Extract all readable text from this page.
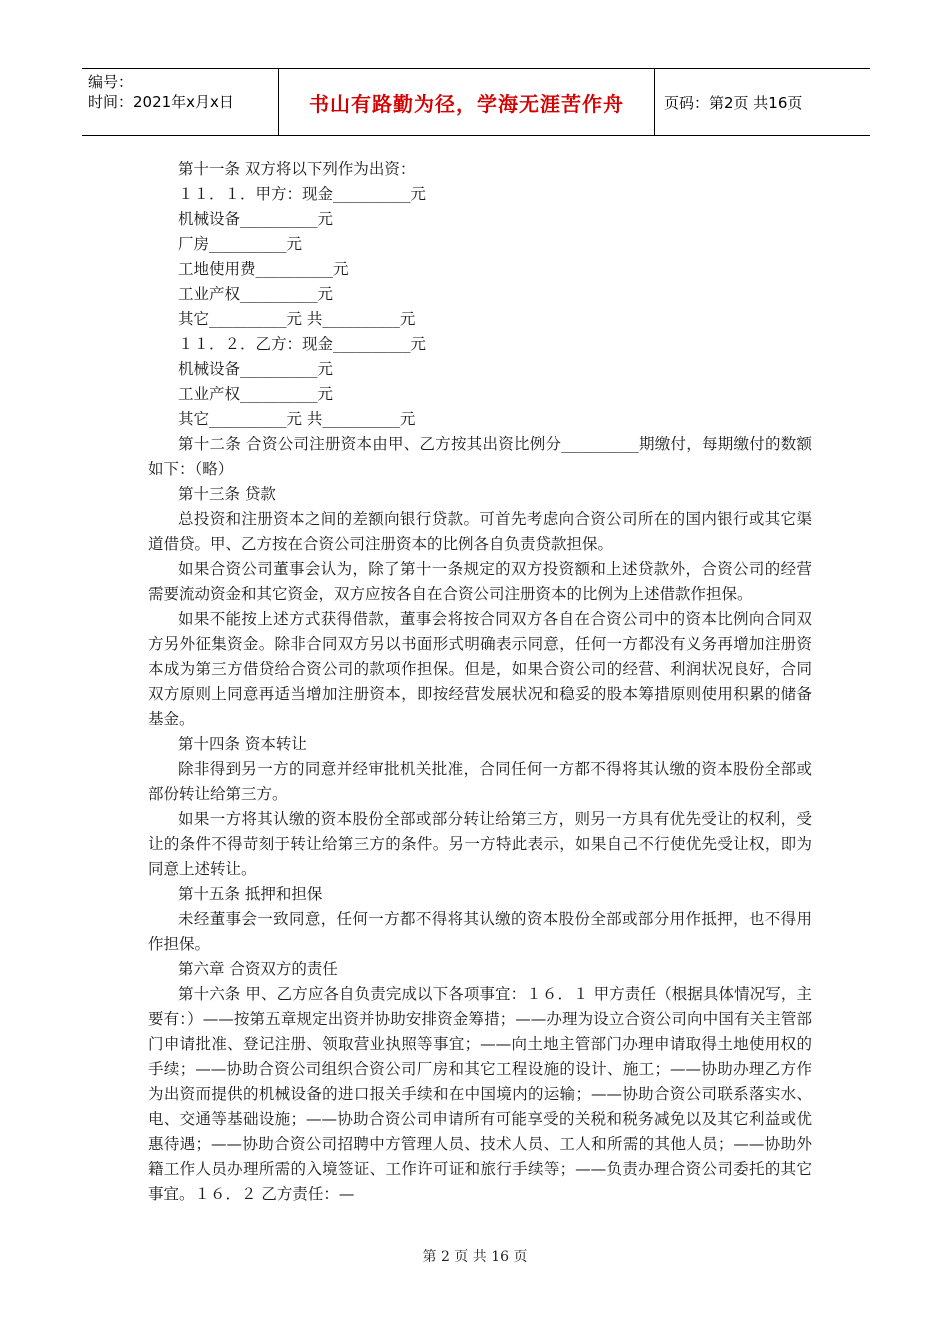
编号：
时间：2021年x月x日	书山有路勤为径，学海无涯苦作舟	页码：第2页 共16页

第十一条 双方将以下列作为出资：

１１．１．甲方：现金__________元

机械设备__________元

厂房__________元

工地使用费__________元

工业产权__________元

其它__________元 共__________元

１１．２．乙方：现金__________元

机械设备__________元

工业产权__________元

其它__________元 共__________元

第十二条 合资公司注册资本由甲、乙方按其出资比例分__________期缴付，每期缴付的数额如下：（略）

第十三条 贷款

总投资和注册资本之间的差额向银行贷款。可首先考虑向合资公司所在的国内银行或其它渠道借贷。甲、乙方按在合资公司注册资本的比例各自负责贷款担保。

如果合资公司董事会认为，除了第十一条规定的双方投资额和上述贷款外，合资公司的经营需要流动资金和其它资金，双方应按各自在合资公司注册资本的比例为上述借款作担保。

如果不能按上述方式获得借款，董事会将按合同双方各自在合资公司中的资本比例向合同双方另外征集资金。除非合同双方另以书面形式明确表示同意，任何一方都没有义务再增加注册资本成为第三方借贷给合资公司的款项作担保。但是，如果合资公司的经营、利润状况良好，合同双方原则上同意再适当增加注册资本，即按经营发展状况和稳妥的股本筹措原则使用积累的储备基金。

第十四条 资本转让

除非得到另一方的同意并经审批机关批准，合同任何一方都不得将其认缴的资本股份全部或部份转让给第三方。

如果一方将其认缴的资本股份全部或部分转让给第三方，则另一方具有优先受让的权利，受让的条件不得苛刻于转让给第三方的条件。另一方特此表示，如果自己不行使优先受让权，即为同意上述转让。

第十五条 抵押和担保

未经董事会一致同意，任何一方都不得将其认缴的资本股份全部或部分用作抵押，也不得用作担保。

第六章 合资双方的责任

第十六条 甲、乙方应各自负责完成以下各项事宜：１６．１ 甲方责任（根据具体情况写，主要有：）——按第五章规定出资并协助安排资金筹措；——办理为设立合资公司向中国有关主管部门申请批准、登记注册、领取营业执照等事宜；——向土地主管部门办理申请取得土地使用权的手续；——协助合资公司组织合资公司厂房和其它工程设施的设计、施工；——协助办理乙方作为出资而提供的机械设备的进口报关手续和在中国境内的运输；——协助合资公司联系落实水、电、交通等基础设施；——协助合资公司申请所有可能享受的关税和税务减免以及其它利益或优惠待遇；——协助合资公司招聘中方管理人员、技术人员、工人和所需的其他人员；——协助外籍工作人员办理所需的入境签证、工作许可证和旅行手续等；——负责办理合资公司委托的其它事宜。１６．２ 乙方责任：—

第 2 页 共 16 页
